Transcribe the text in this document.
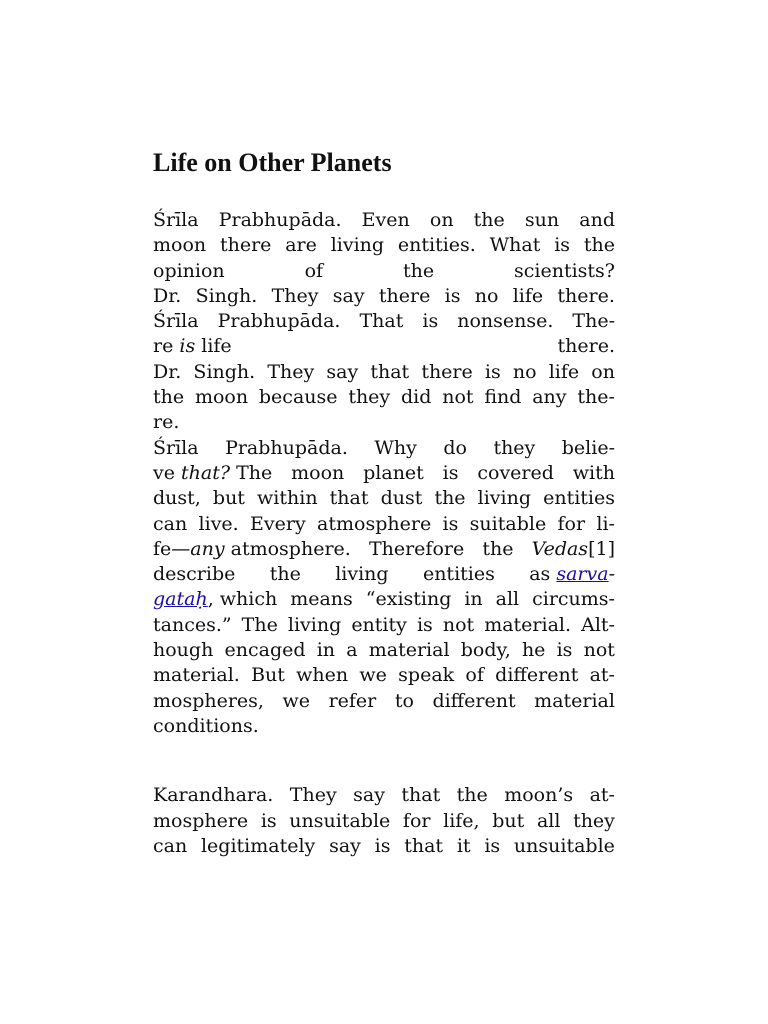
Life on Other Planets
Śrīla Prabhupāda. Even on the sun and
moon there are living entities. What is the
opinion	of	the	scientists?
Dr. Singh. They say there is no life there.
Śrīla Prabhupāda. That is nonsense. The-
re is life	there.
Dr. Singh. They say that there is no life on
the moon because they did not find any the-
re.
Śrīla Prabhupāda. Why do they belie-
ve that? The moon planet is covered with
dust, but within that dust the living entities
can live. Every atmosphere is suitable for li-
fe—any atmosphere. Therefore the Vedas[1]
describe the living entities as sarva-
gataḥ, which means “existing in all circums-
tances.” The living entity is not material. Alt-
hough encaged in a material body, he is not
material. But when we speak of different at-
mospheres, we refer to different material
conditions.
Karandhara. They say that the moon’s at-
mosphere is unsuitable for life, but all they
can legitimately say is that it is unsuitable
